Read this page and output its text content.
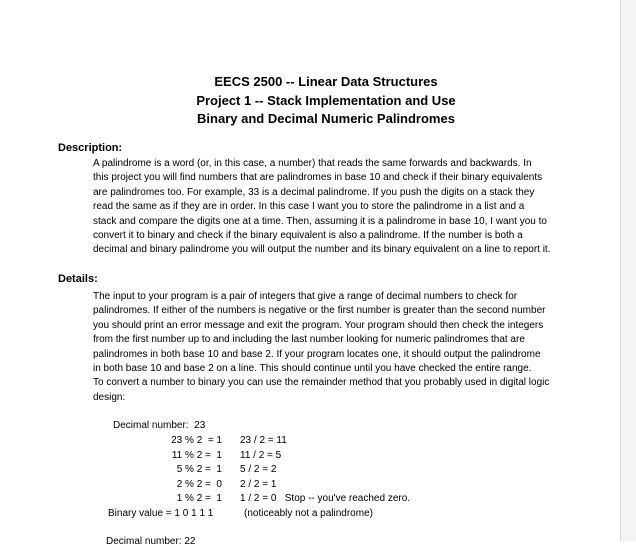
EECS 2500 -- Linear Data Structures
Project 1 -- Stack Implementation and Use
Binary and Decimal Numeric Palindromes
Description:
A palindrome is a word (or, in this case, a number) that reads the same forwards and backwards. In
this project you will find numbers that are palindromes in base 10 and check if their binary equivalents
are palindromes too. For example, 33 is a decimal palindrome. If you push the digits on a stack they
read the same as if they are in order. In this case I want you to store the palindrome in a list and a
stack and compare the digits one at a time. Then, assuming it is a palindrome in base 10, I want you to
convert it to binary and check if the binary equivalent is also a palindrome. If the number is both a
decimal and binary palindrome you will output the number and its binary equivalent on a line to report it.
Details:
The input to your program is a pair of integers that give a range of decimal numbers to check for
palindromes. If either of the numbers is negative or the first number is greater than the second number
you should print an error message and exit the program. Your program should then check the integers
from the first number up to and including the last number looking for numeric palindromes that are
palindromes in both base 10 and base 2. If your program locates one, it should output the palindrome
in both base 10 and base 2 on a line. This should continue until you have checked the entire range.
To convert a number to binary you can use the remainder method that you probably used in digital logic
design:
Decimal number:  23
23 % 2  = 1
11 % 2 =  1
5 % 2 =  1
2 % 2 =  0
1 % 2 =  1
23 / 2 = 11
11 / 2 = 5
5 / 2 = 2
2 / 2 = 1
1 / 2 = 0   Stop -- you've reached zero.
Binary value = 1 0 1 1 1	(noticeably not a palindrome)
Decimal number: 22
